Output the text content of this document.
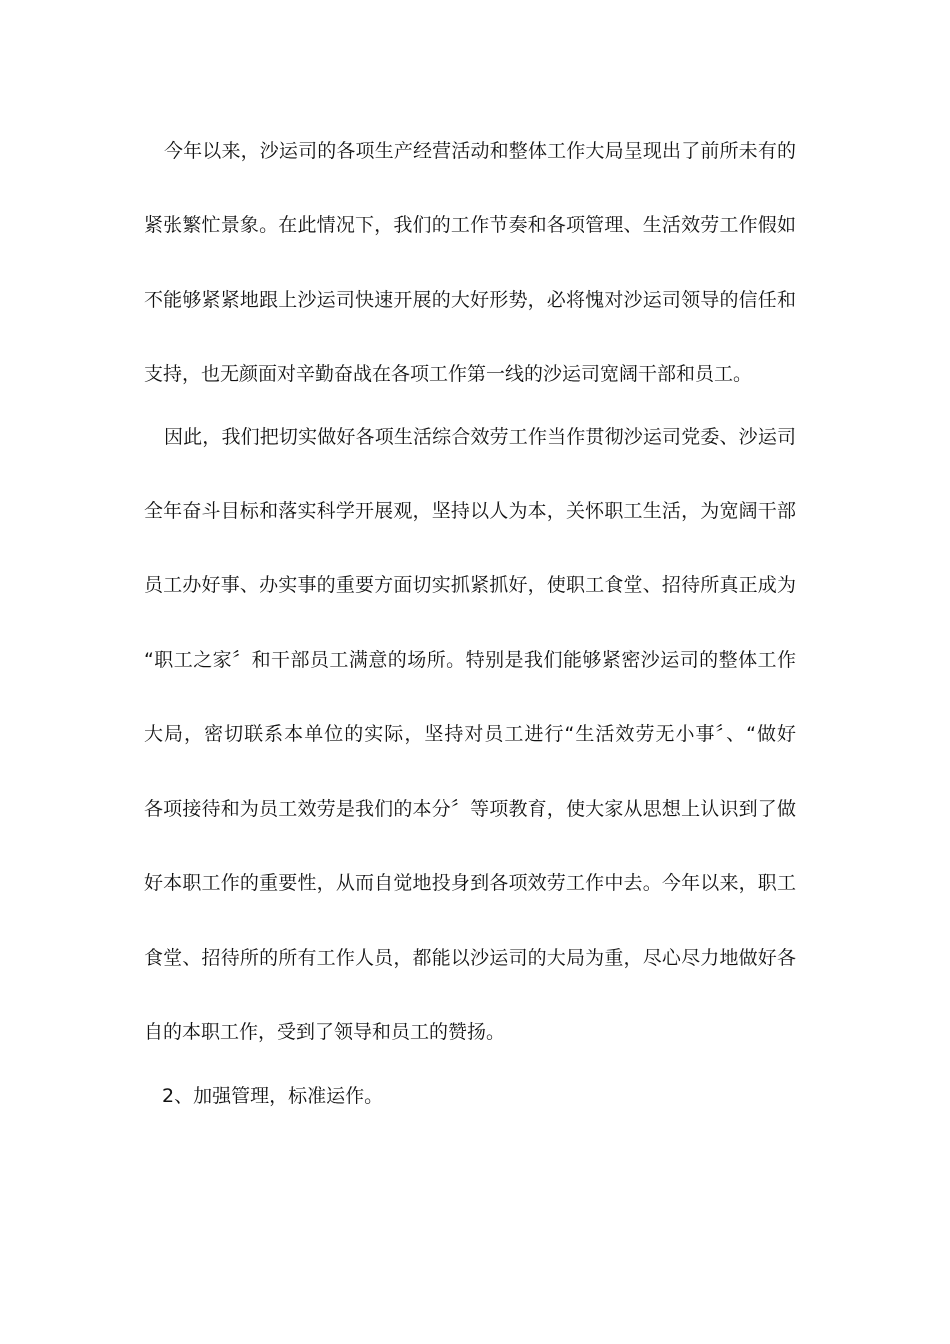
今年以来，沙运司的各项生产经营活动和整体工作大局呈现出了前所未有的
紧张繁忙景象。在此情况下，我们的工作节奏和各项管理、生活效劳工作假如
不能够紧紧地跟上沙运司快速开展的大好形势，必将愧对沙运司领导的信任和
支持，也无颜面对辛勤奋战在各项工作第一线的沙运司宽阔干部和员工。
因此，我们把切实做好各项生活综合效劳工作当作贯彻沙运司党委、沙运司
全年奋斗目标和落实科学开展观，坚持以人为本，关怀职工生活，为宽阔干部
员工办好事、办实事的重要方面切实抓紧抓好，使职工食堂、招待所真正成为
“职工之家〞和干部员工满意的场所。特别是我们能够紧密沙运司的整体工作
大局，密切联系本单位的实际，坚持对员工进行“生活效劳无小事〞、“做好
各项接待和为员工效劳是我们的本分〞等项教育，使大家从思想上认识到了做
好本职工作的重要性，从而自觉地投身到各项效劳工作中去。今年以来，职工
食堂、招待所的所有工作人员，都能以沙运司的大局为重，尽心尽力地做好各
自的本职工作，受到了领导和员工的赞扬。
2、加强管理，标准运作。
